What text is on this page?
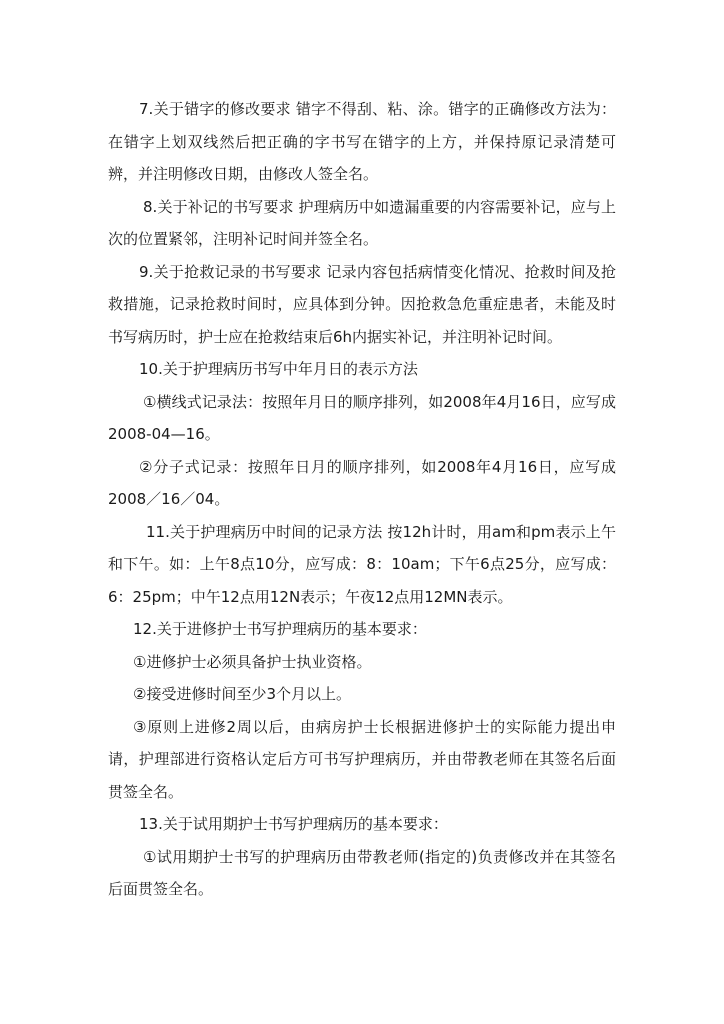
7.关于错字的修改要求 错字不得刮、粘、涂。错字的正确修改方法为：在错字上划双线然后把正确的字书写在错字的上方，并保持原记录清楚可辨，并注明修改日期，由修改人签全名。

8.关于补记的书写要求 护理病历中如遗漏重要的内容需要补记，应与上次的位置紧邻，注明补记时间并签全名。

9.关于抢救记录的书写要求 记录内容包括病情变化情况、抢救时间及抢救措施，记录抢救时间时，应具体到分钟。因抢救急危重症患者，未能及时书写病历时，护士应在抢救结束后6h内据实补记，并注明补记时间。

10.关于护理病历书写中年月日的表示方法

①横线式记录法：按照年月日的顺序排列，如2008年4月16日，应写成2008-04—16。

②分子式记录：按照年日月的顺序排列，如2008年4月16日，应写成2008／16／04。

11.关于护理病历中时间的记录方法 按12h计时，用am和pm表示上午和下午。如：上午8点10分，应写成：8：10am；下午6点25分，应写成：6：25pm；中午12点用12N表示；午夜12点用12MN表示。

12.关于进修护士书写护理病历的基本要求：

①进修护士必须具备护士执业资格。

②接受进修时间至少3个月以上。

③原则上进修2周以后，由病房护士长根据进修护士的实际能力提出申请，护理部进行资格认定后方可书写护理病历，并由带教老师在其签名后面贯签全名。

13.关于试用期护士书写护理病历的基本要求：

①试用期护士书写的护理病历由带教老师(指定的)负责修改并在其签名后面贯签全名。
